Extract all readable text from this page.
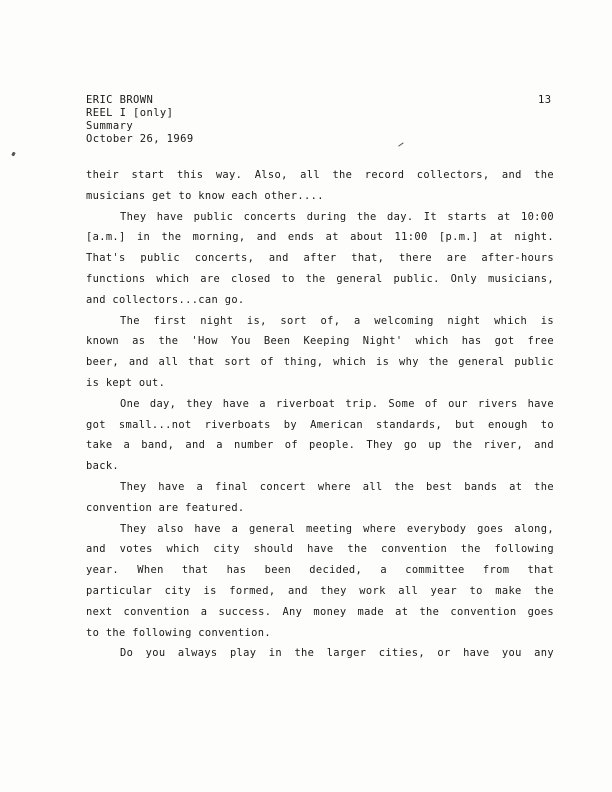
ERIC BROWN
REEL I [only]
Summary
October 26, 1969
13
their start this way. Also, all the record collectors, and the
musicians get to know each other....
They have public concerts during the day. It starts at 10:00
[a.m.] in the morning, and ends at about 11:00 [p.m.] at night.
That's public concerts, and after that, there are after-hours
functions which are closed to the general public. Only musicians,
and collectors...can go.
The first night is, sort of, a welcoming night which is
known as the 'How You Been Keeping Night' which has got free
beer, and all that sort of thing, which is why the general public
is kept out.
One day, they have a riverboat trip. Some of our rivers have
got small...not riverboats by American standards, but enough to
take a band, and a number of people. They go up the river, and
back.
They have a final concert where all the best bands at the
convention are featured.
They also have a general meeting where everybody goes along,
and votes which city should have the convention the following
year. When that has been decided, a committee from that
particular city is formed, and they work all year to make the
next convention a success. Any money made at the convention goes
to the following convention.
Do you always play in the larger cities, or have you any
